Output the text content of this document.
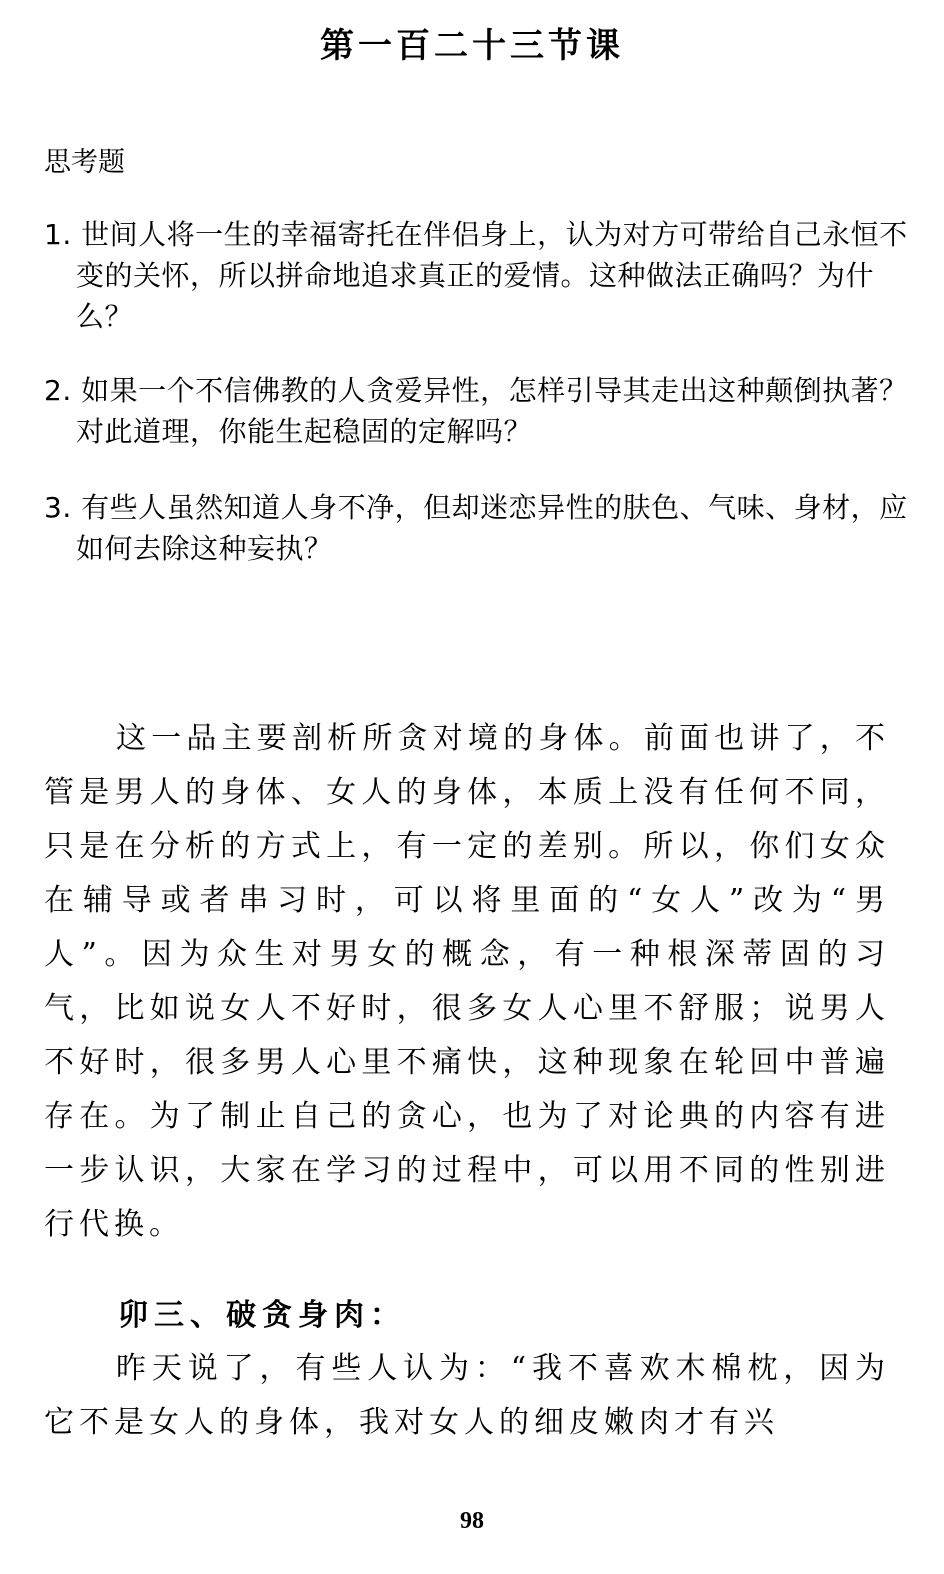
第一百二十三节课
思考题
1. 世间人将一生的幸福寄托在伴侣身上，认为对方可带给自己永恒不变的关怀，所以拼命地追求真正的爱情。这种做法正确吗？为什么？
2. 如果一个不信佛教的人贪爱异性，怎样引导其走出这种颠倒执著？对此道理，你能生起稳固的定解吗？
3. 有些人虽然知道人身不净，但却迷恋异性的肤色、气味、身材，应如何去除这种妄执？
这一品主要剖析所贪对境的身体。前面也讲了，不管是男人的身体、女人的身体，本质上没有任何不同，只是在分析的方式上，有一定的差别。所以，你们女众在辅导或者串习时，可以将里面的“女人”改为“男人”。因为众生对男女的概念，有一种根深蒂固的习气，比如说女人不好时，很多女人心里不舒服；说男人不好时，很多男人心里不痛快，这种现象在轮回中普遍存在。为了制止自己的贪心，也为了对论典的内容有进一步认识，大家在学习的过程中，可以用不同的性别进行代换。
卯三、破贪身肉：
昨天说了，有些人认为：“我不喜欢木棉枕，因为它不是女人的身体，我对女人的细皮嫩肉才有兴
98
